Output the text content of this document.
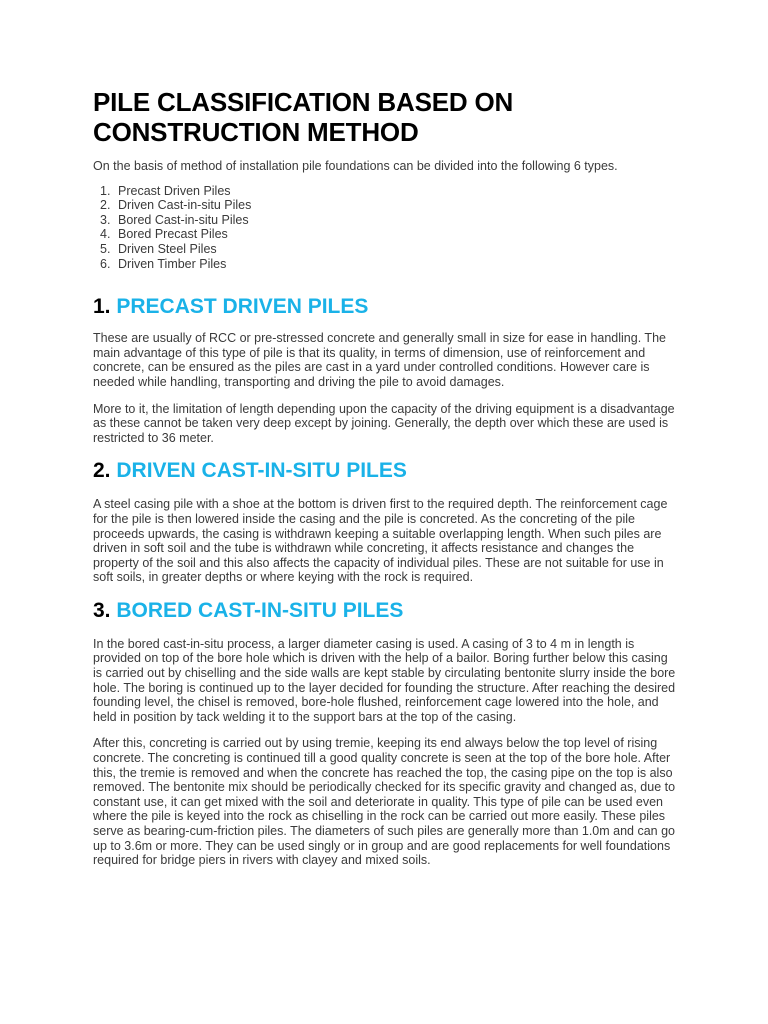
PILE CLASSIFICATION BASED ON
CONSTRUCTION METHOD

On the basis of method of installation pile foundations can be divided into the following 6 types.

1. Precast Driven Piles
2. Driven Cast-in-situ Piles
3. Bored Cast-in-situ Piles
4. Bored Precast Piles
5. Driven Steel Piles
6. Driven Timber Piles
1. PRECAST DRIVEN PILES

These are usually of RCC or pre-stressed concrete and generally small in size for ease in handling. The main advantage of this type of pile is that its quality, in terms of dimension, use of reinforcement and concrete, can be ensured as the piles are cast in a yard under controlled conditions. However care is needed while handling, transporting and driving the pile to avoid damages.

More to it, the limitation of length depending upon the capacity of the driving equipment is a disadvantage as these cannot be taken very deep except by joining. Generally, the depth over which these are used is restricted to 36 meter.

2. DRIVEN CAST-IN-SITU PILES

A steel casing pile with a shoe at the bottom is driven first to the required depth. The reinforcement cage for the pile is then lowered inside the casing and the pile is concreted. As the concreting of the pile proceeds upwards, the casing is withdrawn keeping a suitable overlapping length. When such piles are driven in soft soil and the tube is withdrawn while concreting, it affects resistance and changes the property of the soil and this also affects the capacity of individual piles. These are not suitable for use in soft soils, in greater depths or where keying with the rock is required.

3. BORED CAST-IN-SITU PILES

In the bored cast-in-situ process, a larger diameter casing is used. A casing of 3 to 4 m in length is provided on top of the bore hole which is driven with the help of a bailor. Boring further below this casing is carried out by chiselling and the side walls are kept stable by circulating bentonite slurry inside the bore hole. The boring is continued up to the layer decided for founding the structure. After reaching the desired founding level, the chisel is removed, bore-hole flushed, reinforcement cage lowered into the hole, and held in position by tack welding it to the support bars at the top of the casing.

After this, concreting is carried out by using tremie, keeping its end always below the top level of rising concrete. The concreting is continued till a good quality concrete is seen at the top of the bore hole. After this, the tremie is removed and when the concrete has reached the top, the casing pipe on the top is also removed. The bentonite mix should be periodically checked for its specific gravity and changed as, due to constant use, it can get mixed with the soil and deteriorate in quality. This type of pile can be used even where the pile is keyed into the rock as chiselling in the rock can be carried out more easily. These piles serve as bearing-cum-friction piles. The diameters of such piles are generally more than 1.0m and can go up to 3.6m or more. They can be used singly or in group and are good replacements for well foundations required for bridge piers in rivers with clayey and mixed soils.
